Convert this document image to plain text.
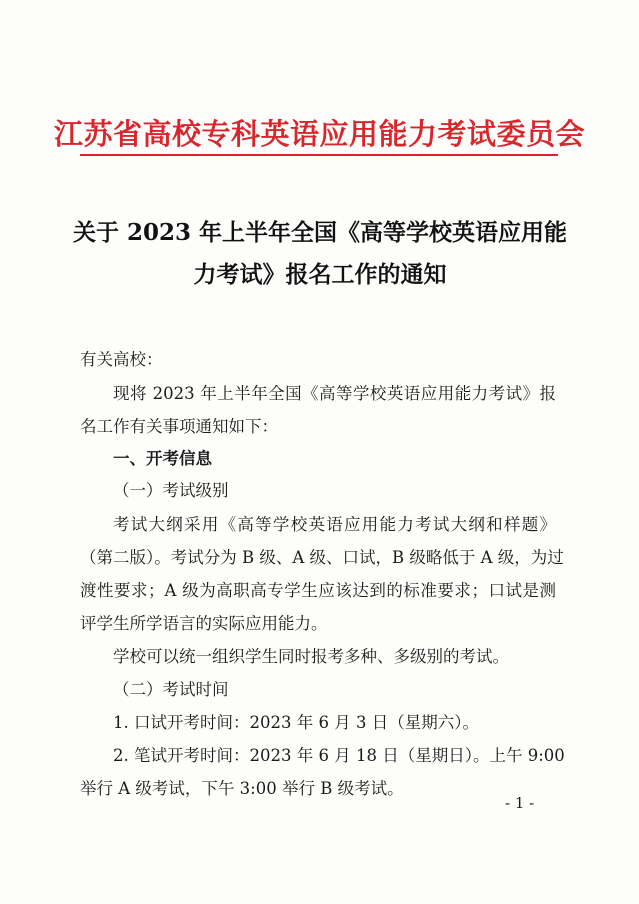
江苏省高校专科英语应用能力考试委员会
关于 2023 年上半年全国《高等学校英语应用能
力考试》报名工作的通知
有关高校：
现将 2023 年上半年全国《高等学校英语应用能力考试》报
名工作有关事项通知如下：
一、开考信息
（一）考试级别
考试大纲采用《高等学校英语应用能力考试大纲和样题》
（第二版）。考试分为 B 级、A 级、口试，B 级略低于 A 级，为过
渡性要求；A 级为高职高专学生应该达到的标准要求；口试是测
评学生所学语言的实际应用能力。
学校可以统一组织学生同时报考多种、多级别的考试。
（二）考试时间
1. 口试开考时间：2023 年 6 月 3 日（星期六）。
2. 笔试开考时间：2023 年 6 月 18 日（星期日）。上午 9:00
举行 A 级考试，下午 3:00 举行 B 级考试。
- 1 -
